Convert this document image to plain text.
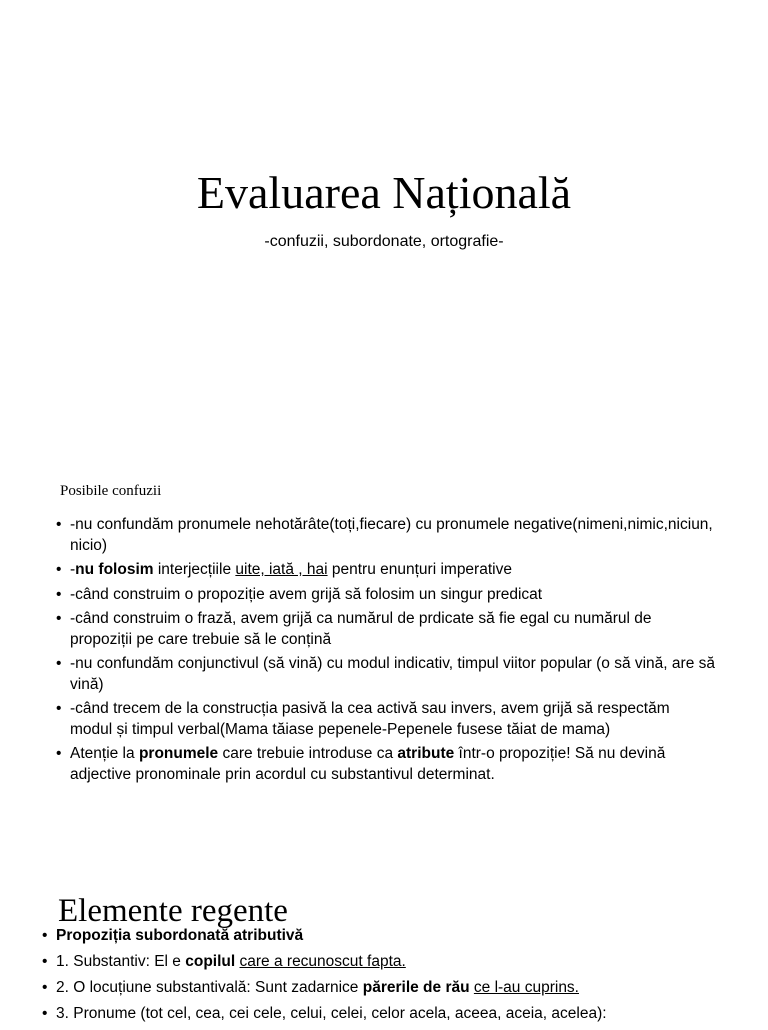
Evaluarea Națională
-confuzii, subordonate, ortografie-
Posibile confuzii
• -nu confundăm pronumele nehotărâte(toți,fiecare) cu pronumele negative(nimeni,nimic,niciun, nicio)
• -nu folosim interjecțiile uite, iată , hai pentru enunțuri imperative
• -când construim o propoziție avem grijă să folosim un singur predicat
• -când construim o frază, avem grijă ca numărul de prdicate să fie egal cu numărul de propoziții pe care trebuie să le conțină
• -nu confundăm conjunctivul (să vină) cu modul indicativ, timpul viitor popular (o să vină, are să vină)
• -când trecem de la construcția pasivă la cea activă sau invers, avem grijă să respectăm modul și timpul verbal(Mama tăiase pepenele-Pepenele fusese tăiat de mama)
• Atenție la pronumele care trebuie introduse ca atribute într-o propoziție! Să nu devină adjective pronominale prin acordul cu substantivul determinat.
Elemente regente
• Propoziția subordonată atributivă
• 1. Substantiv: El e copilul care a recunoscut fapta.
• 2. O locuțiune substantivală: Sunt zadarnice părerile de rău ce l-au cuprins.
• 3. Pronume (tot cel, cea, cei cele, celui, celei, celor acela, aceea, aceia, acelea):
